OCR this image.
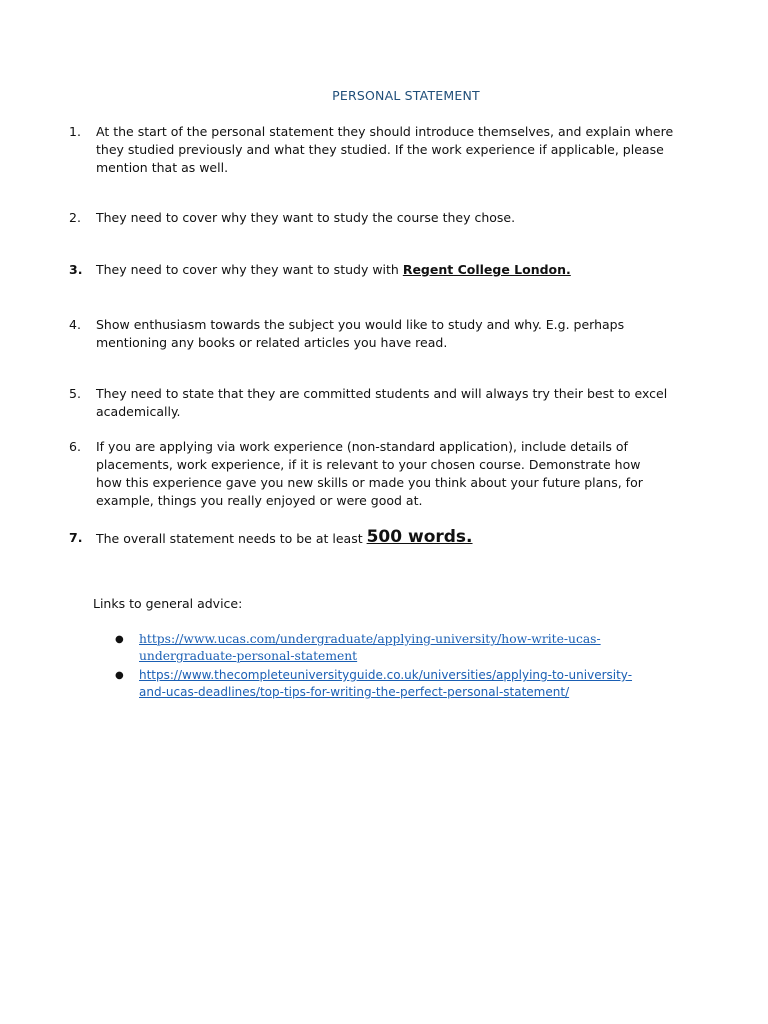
PERSONAL STATEMENT
1.	At the start of the personal statement they should introduce themselves, and explain where
they studied previously and what they studied. If the work experience if applicable, please
mention that as well.
2.	They need to cover why they want to study the course they chose.
3.	They need to cover why they want to study with Regent College London.
4.	Show enthusiasm towards the subject you would like to study and why. E.g. perhaps
mentioning any books or related articles you have read.
5.	They need to state that they are committed students and will always try their best to excel
academically.
6.	If you are applying via work experience (non-standard application), include details of
placements, work experience, if it is relevant to your chosen course. Demonstrate how
how this experience gave you new skills or made you think about your future plans, for
example, things you really enjoyed or were good at.
7.	The overall statement needs to be at least 500 words.
Links to general advice:
● https://www.ucas.com/undergraduate/applying-university/how-write-ucas-
undergraduate-personal-statement
● https://www.thecompleteuniversityguide.co.uk/universities/applying-to-university-
and-ucas-deadlines/top-tips-for-writing-the-perfect-personal-statement/
